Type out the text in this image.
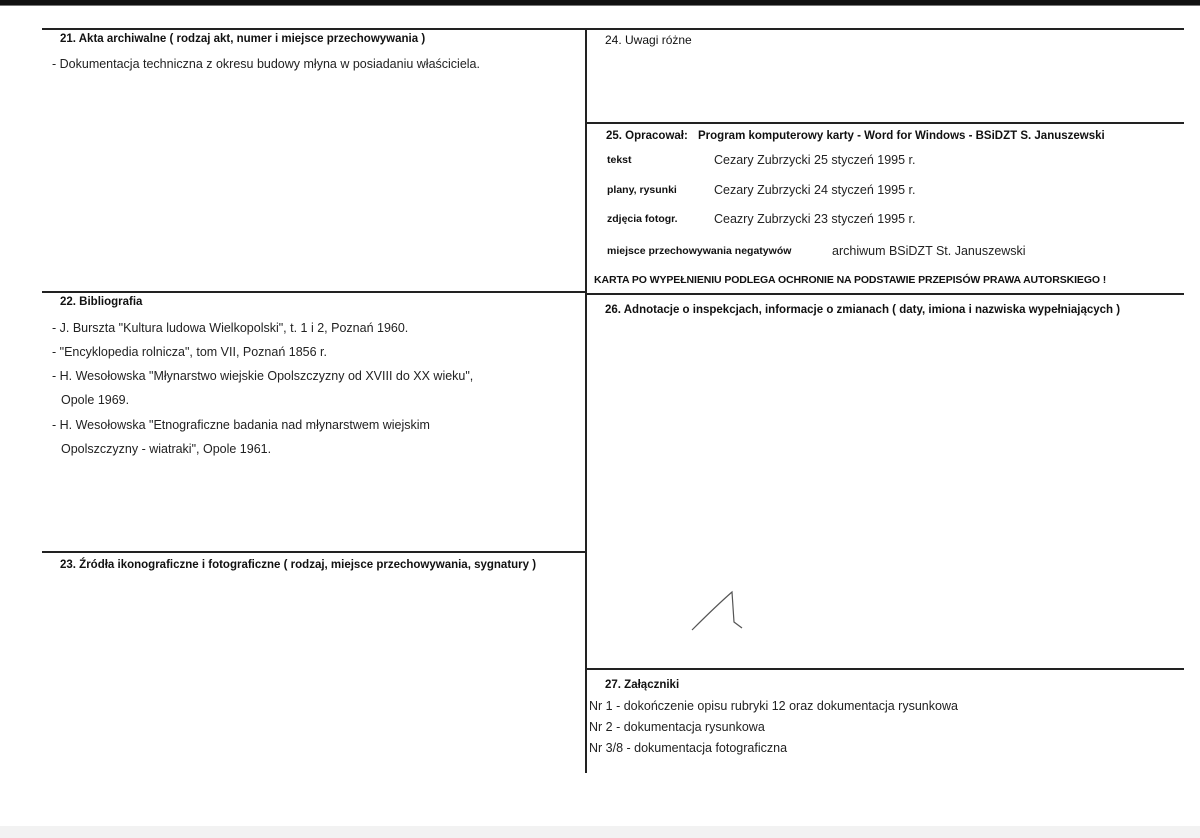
21. Akta archiwalne ( rodzaj akt, numer i miejsce przechowywania )
- Dokumentacja techniczna z okresu budowy młyna w posiadaniu właściciela.
24. Uwagi różne
25. Opracował: Program komputerowy karty - Word for Windows - BSiDZT S. Januszewski
tekst	Cezary Zubrzycki 25 styczeń 1995 r.
plany, rysunki	Cezary Zubrzycki 24 styczeń 1995 r.
zdjęcia fotogr.	Ceazry Zubrzycki 23 styczeń 1995 r.
miejsce przechowywania negatywów	archiwum BSiDZT St. Januszewski
KARTA PO WYPEŁNIENIU PODLEGA OCHRONIE NA PODSTAWIE PRZEPISÓW PRAWA AUTORSKIEGO !
22. Bibliografia
- J. Burszta "Kultura ludowa Wielkopolski", t. 1 i 2, Poznań 1960.
- "Encyklopedia rolnicza", tom VII, Poznań 1856 r.
- H. Wesołowska "Młynarstwo wiejskie Opolszczyzny od XVIII do XX wieku",
Opole 1969.
- H. Wesołowska "Etnograficzne badania nad młynarstwem wiejskim
Opolszczyzny - wiatraki", Opole 1961.
26. Adnotacje o inspekcjach, informacje o zmianach ( daty, imiona i nazwiska wypełniających )
23. Źródła ikonograficzne i fotograficzne ( rodzaj, miejsce przechowywania, sygnatury )
27. Załączniki
Nr 1 - dokończenie opisu rubryki 12 oraz dokumentacja rysunkowa
Nr 2 - dokumentacja rysunkowa
Nr 3/8 - dokumentacja fotograficzna
